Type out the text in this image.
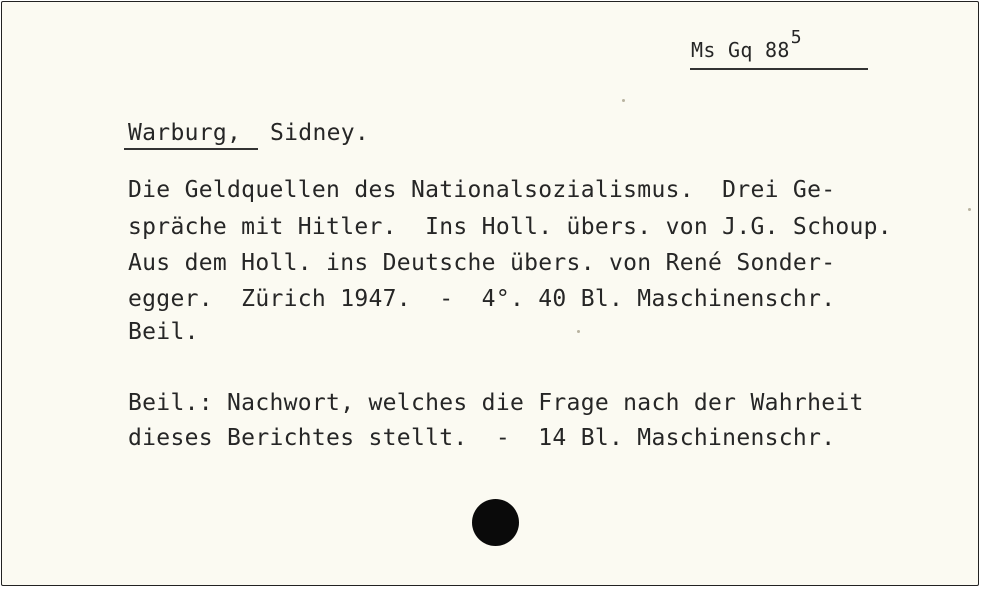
Ms Gq 885
Warburg, Sidney.
Die Geldquellen des Nationalsozialismus.  Drei Ge-
spräche mit Hitler.  Ins Holl. übers. von J.G. Schoup.
Aus dem Holl. ins Deutsche übers. von René Sonder-
egger.  Zürich 1947.  -  4°. 40 Bl. Maschinenschr.
Beil.
Beil.: Nachwort, welches die Frage nach der Wahrheit
dieses Berichtes stellt.  -  14 Bl. Maschinenschr.
